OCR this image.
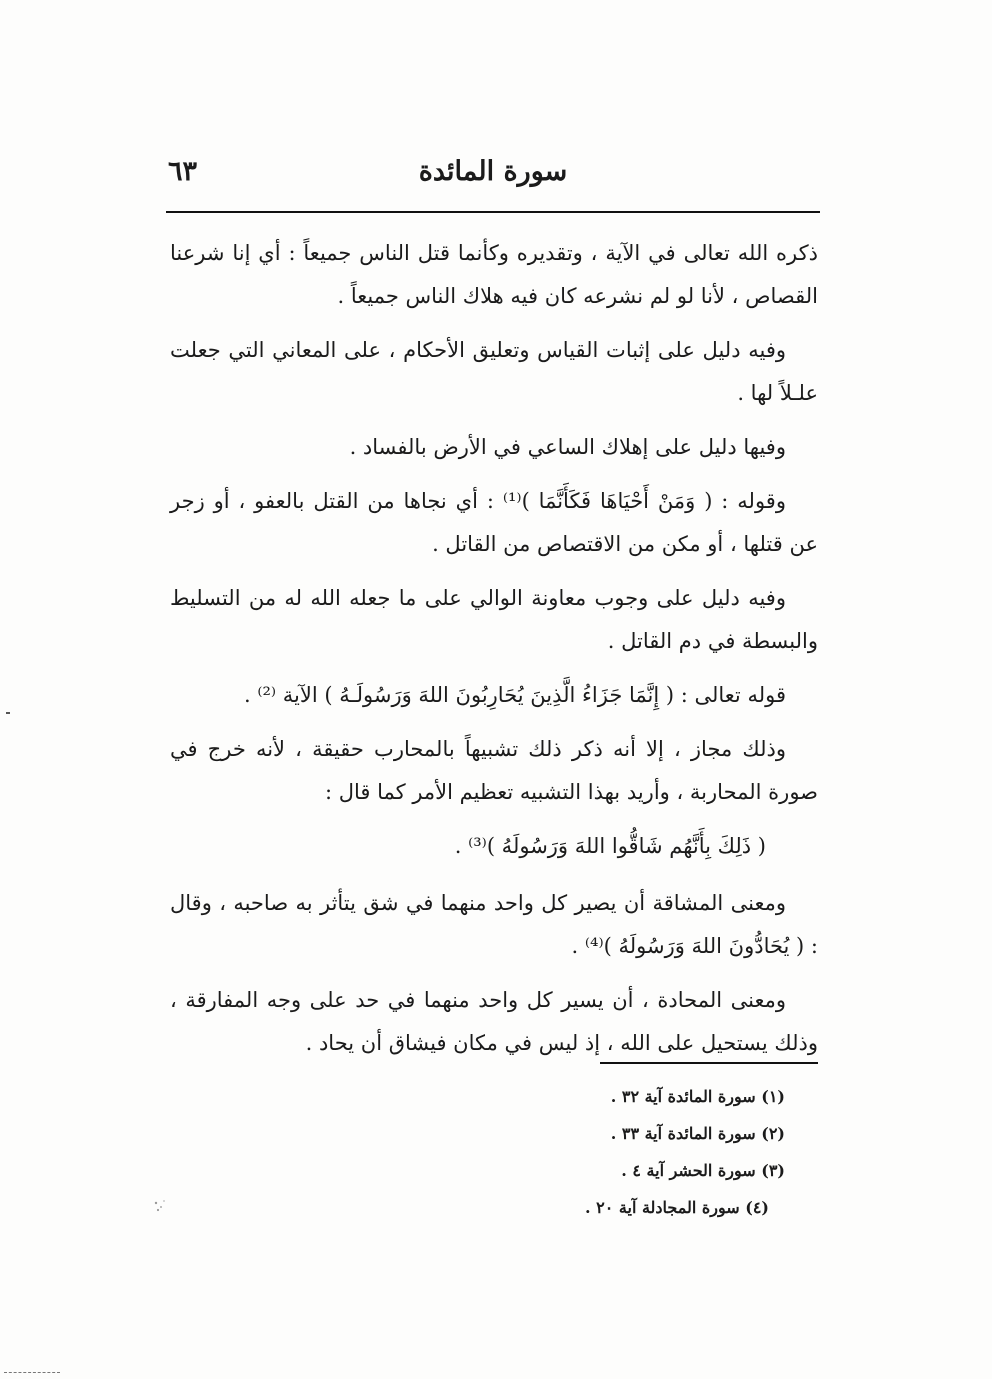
٦٣	سورة المائدة

ذكره الله تعالى في الآية ، وتقديره وكأنما قتل الناس جميعاً : أي إنا شرعنا القصاص ، لأنا لو لم نشرعه كان فيه هلاك الناس جميعاً .

وفيه دليل على إثبات القياس وتعليق الأحكام ، على المعاني التي جعلت علـلاً لها .

وفيها دليل على إهلاك الساعي في الأرض بالفساد .

وقوله : ( وَمَنْ أَحْيَاهَا فَكَأَنَّمَا )⁽¹⁾ : أي نجاها من القتل بالعفو ، أو زجر عن قتلها ، أو مكن من الاقتصاص من القاتل .

وفيه دليل على وجوب معاونة الوالي على ما جعله الله له من التسليط والبسطة في دم القاتل .

قوله تعالى : ( إِنَّمَا جَزَاءُ الَّذِينَ يُحَارِبُونَ اللهَ وَرَسُولَـهُ ) الآية ⁽²⁾ .

وذلك مجاز ، إلا أنه ذكر ذلك تشبيهاً بالمحارب حقيقة ، لأنه خرج في صورة المحاربة ، وأريد بهذا التشبيه تعظيم الأمر كما قال :

( ذَلِكَ بِأَنَّهُم شَاقُّوا اللهَ وَرَسُولَهُ )⁽³⁾ .

ومعنى المشاقة أن يصير كل واحد منهما في شق يتأثر به صاحبه ، وقال : ( يُحَادُّونَ اللهَ وَرَسُولَهُ )⁽⁴⁾ .

ومعنى المحادة ، أن يسير كل واحد منهما في حد على وجه المفارقة ، وذلك يستحيل على الله ، إذ ليس في مكان فيشاق أن يحاد .

(١) سورة المائدة آية ٣٢ .
(٢) سورة المائدة آية ٣٣ .
(٣) سورة الحشر آية ٤ .
(٤) سورة المجادلة آية ٢٠ .
